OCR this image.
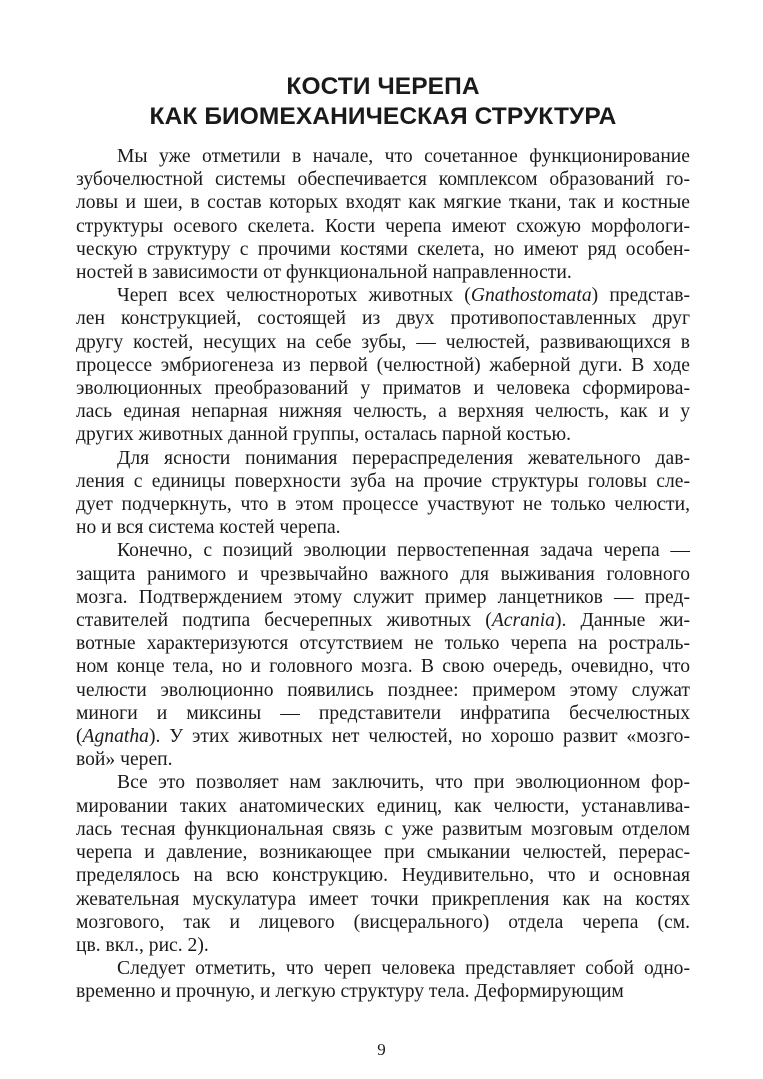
КОСТИ ЧЕРЕПА
КАК БИОМЕХАНИЧЕСКАЯ СТРУКТУРА
Мы уже отметили в начале, что сочетанное функционирование
зубочелюстной системы обеспечивается комплексом образований го-
ловы и шеи, в состав которых входят как мягкие ткани, так и костные
структуры осевого скелета. Кости черепа имеют схожую морфологи-
ческую структуру с прочими костями скелета, но имеют ряд особен-
ностей в зависимости от функциональной направленности.
Череп всех челюстноротых животных (Gnathostomata) представ-
лен конструкцией, состоящей из двух противопоставленных друг
другу костей, несущих на себе зубы, — челюстей, развивающихся в
процессе эмбриогенеза из первой (челюстной) жаберной дуги. В ходе
эволюционных преобразований у приматов и человека сформирова-
лась единая непарная нижняя челюсть, а верхняя челюсть, как и у
других животных данной группы, осталась парной костью.
Для ясности понимания перераспределения жевательного дав-
ления с единицы поверхности зуба на прочие структуры головы сле-
дует подчеркнуть, что в этом процессе участвуют не только челюсти,
но и вся система костей черепа.
Конечно, с позиций эволюции первостепенная задача черепа —
защита ранимого и чрезвычайно важного для выживания головного
мозга. Подтверждением этому служит пример ланцетников — пред-
ставителей подтипа бесчерепных животных (Acrania). Данные жи-
вотные характеризуются отсутствием не только черепа на ростраль-
ном конце тела, но и головного мозга. В свою очередь, очевидно, что
челюсти эволюционно появились позднее: примером этому служат
миноги и миксины — представители инфратипа бесчелюстных
(Agnatha). У этих животных нет челюстей, но хорошо развит «мозго-
вой» череп.
Все это позволяет нам заключить, что при эволюционном фор-
мировании таких анатомических единиц, как челюсти, устанавлива-
лась тесная функциональная связь с уже развитым мозговым отделом
черепа и давление, возникающее при смыкании челюстей, перерас-
пределялось на всю конструкцию. Неудивительно, что и основная
жевательная мускулатура имеет точки прикрепления как на костях
мозгового, так и лицевого (висцерального) отдела черепа (см.
цв. вкл., рис. 2).
Следует отметить, что череп человека представляет собой одно-
временно и прочную, и легкую структуру тела. Деформирующим
9
